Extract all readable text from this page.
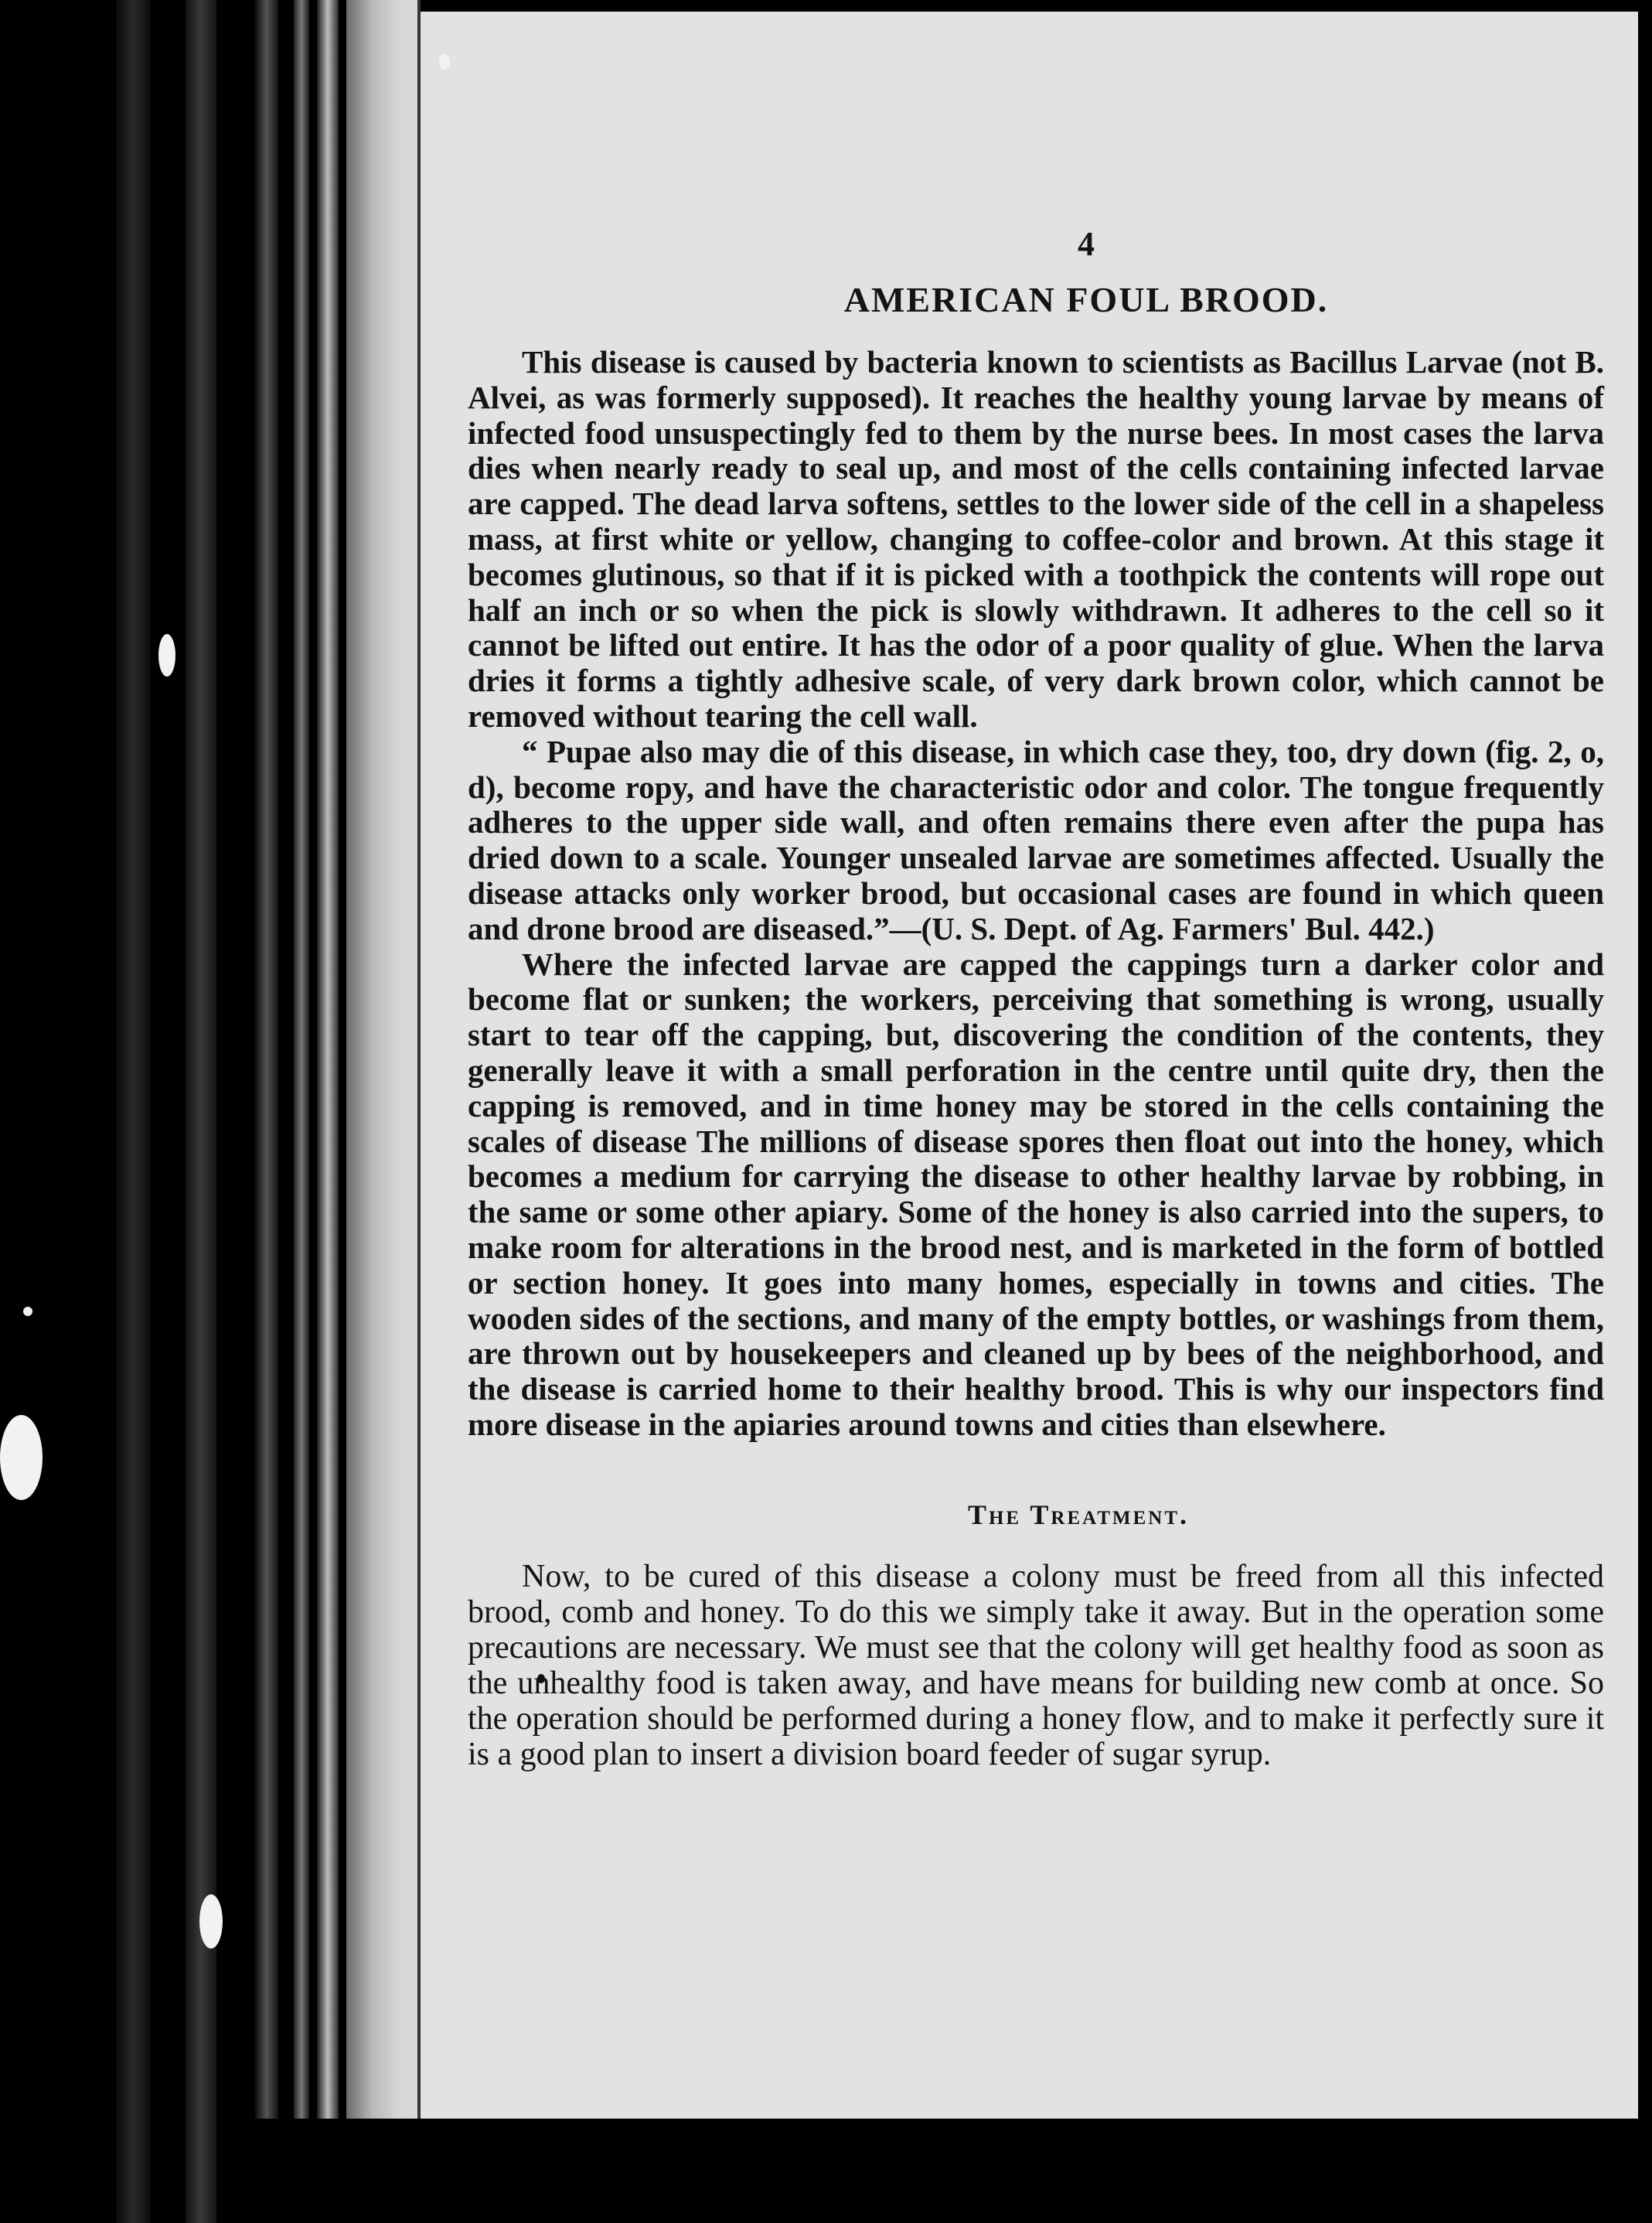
4
AMERICAN FOUL BROOD.

This disease is caused by bacteria known to scientists as Bacillus Larvae (not B. Alvei, as was formerly supposed). It reaches the healthy young larvae by means of infected food unsuspectingly fed to them by the nurse bees. In most cases the larva dies when nearly ready to seal up, and most of the cells containing infected larvae are capped. The dead larva softens, settles to the lower side of the cell in a shapeless mass, at first white or yellow, changing to coffee-color and brown. At this stage it becomes glutinous, so that if it is picked with a toothpick the contents will rope out half an inch or so when the pick is slowly withdrawn. It adheres to the cell so it cannot be lifted out entire. It has the odor of a poor quality of glue. When the larva dries it forms a tightly adhesive scale, of very dark brown color, which cannot be removed without tearing the cell wall.

“ Pupae also may die of this disease, in which case they, too, dry down (fig. 2, o, d), become ropy, and have the characteristic odor and color. The tongue frequently adheres to the upper side wall, and often remains there even after the pupa has dried down to a scale. Younger unsealed larvae are sometimes affected. Usually the disease attacks only worker brood, but occasional cases are found in which queen and drone brood are diseased.”—(U. S. Dept. of Ag. Farmers' Bul. 442.)

Where the infected larvae are capped the cappings turn a darker color and become flat or sunken; the workers, perceiving that something is wrong, usually start to tear off the capping, but, discovering the condition of the contents, they generally leave it with a small perforation in the centre until quite dry, then the capping is removed, and in time honey may be stored in the cells containing the scales of disease The millions of disease spores then float out into the honey, which becomes a medium for carrying the disease to other healthy larvae by robbing, in the same or some other apiary. Some of the honey is also carried into the supers, to make room for alterations in the brood nest, and is marketed in the form of bottled or section honey. It goes into many homes, especially in towns and cities. The wooden sides of the sections, and many of the empty bottles, or washings from them, are thrown out by housekeepers and cleaned up by bees of the neighborhood, and the disease is carried home to their healthy brood. This is why our inspectors find more disease in the apiaries around towns and cities than elsewhere.

The Treatment.

Now, to be cured of this disease a colony must be freed from all this infected brood, comb and honey. To do this we simply take it away. But in the operation some precautions are necessary. We must see that the colony will get healthy food as soon as the unhealthy food is taken away, and have means for building new comb at once. So the operation should be performed during a honey flow, and to make it perfectly sure it is a good plan to insert a division board feeder of sugar syrup.
